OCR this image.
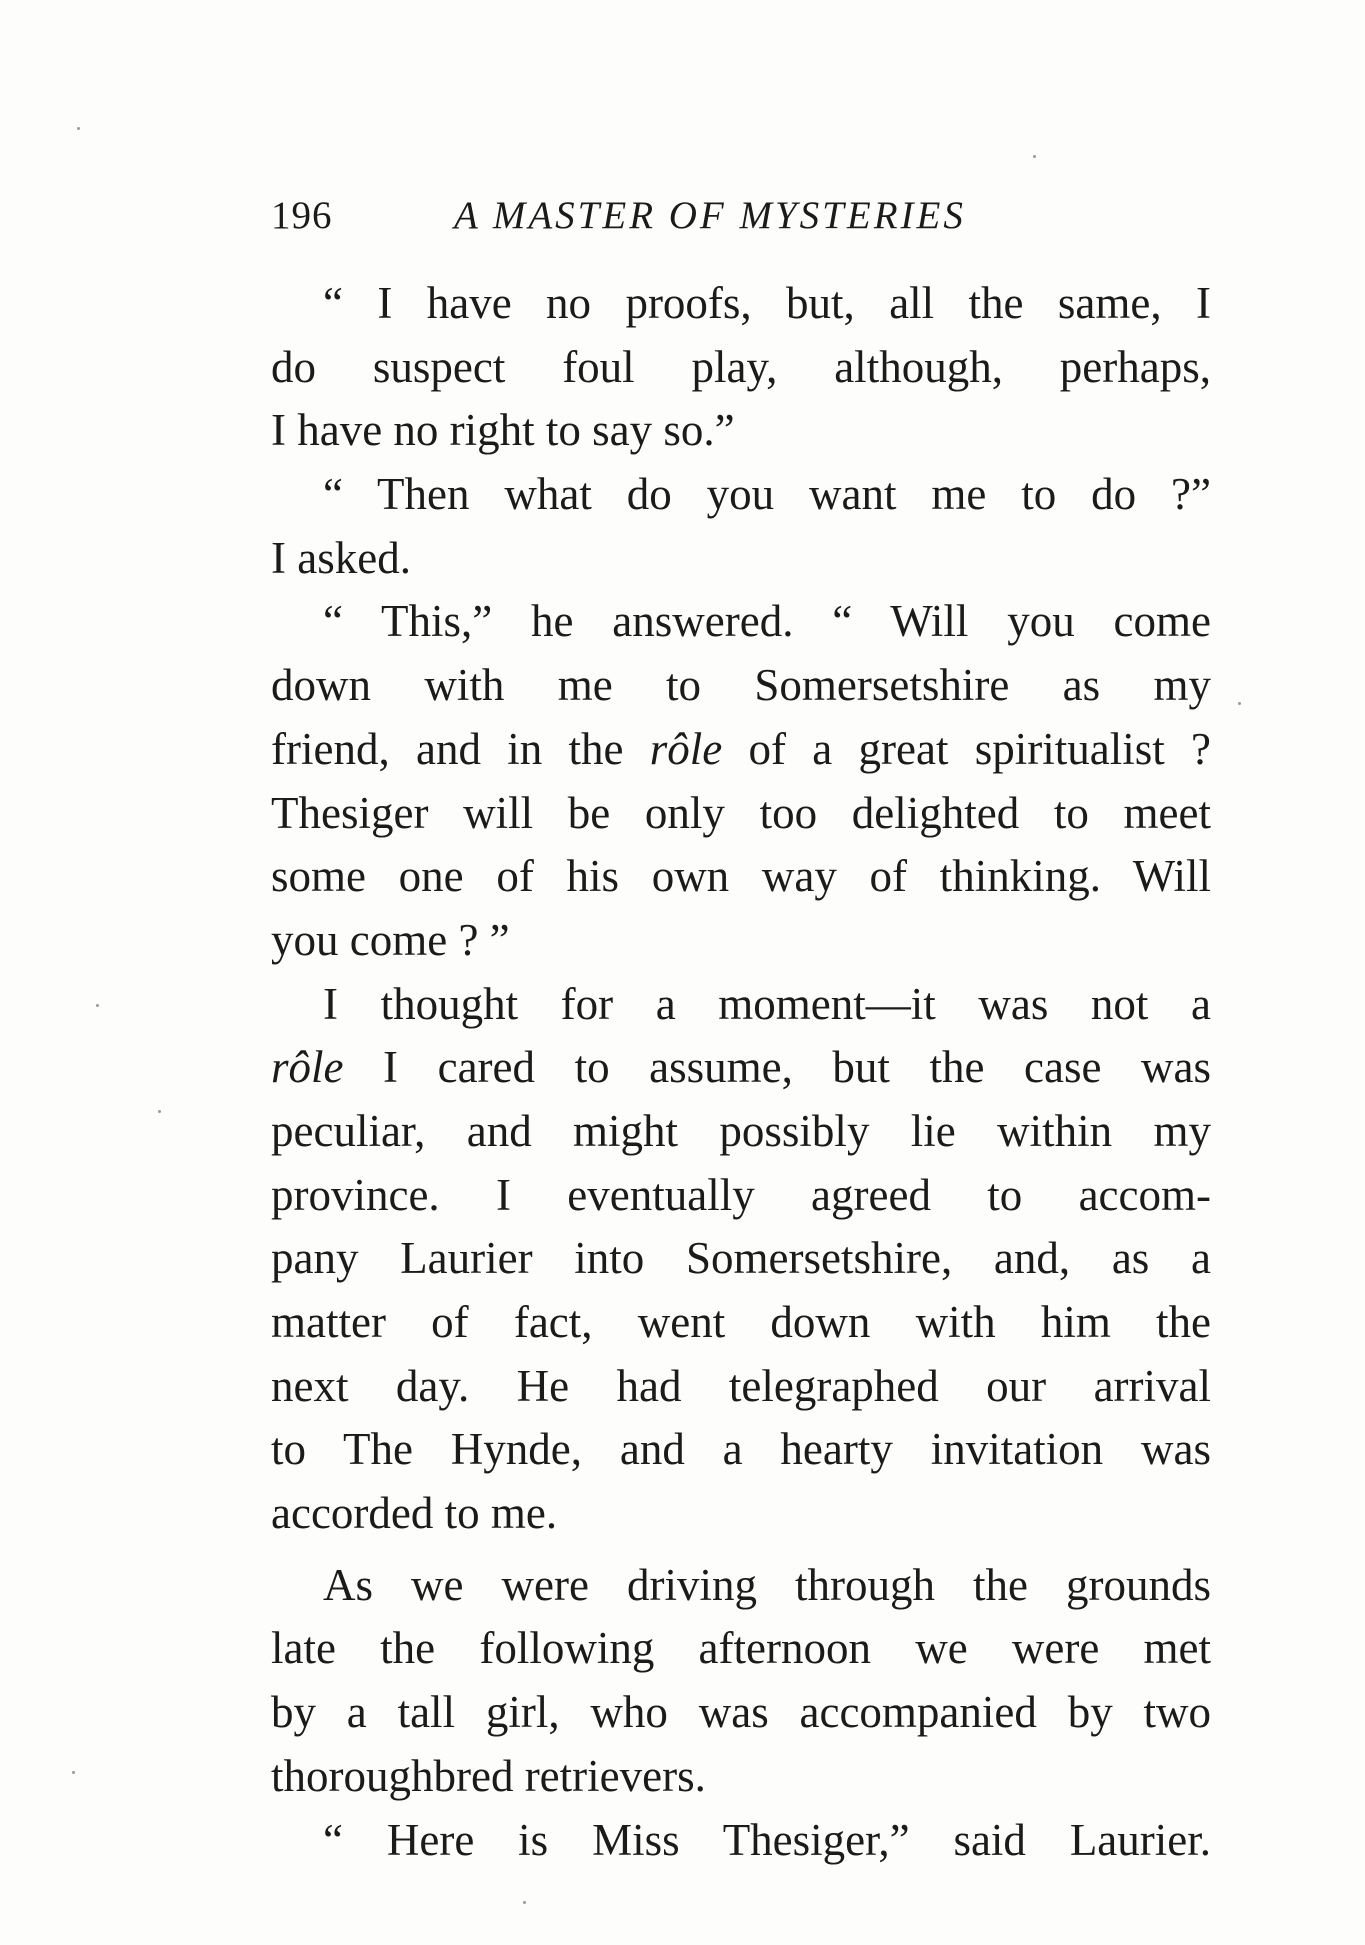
196	A MASTER OF MYSTERIES
“ I have no proofs, but, all the same, I
do suspect foul play, although, perhaps,
I have no right to say so.”
“ Then what do you want me to do ?”
I asked.
“ This,” he answered. “ Will you come
down with me to Somersetshire as my
friend, and in the rôle of a great spiritualist ?
Thesiger will be only too delighted to meet
some one of his own way of thinking. Will
you come ? ”
I thought for a moment—it was not a
rôle I cared to assume, but the case was
peculiar, and might possibly lie within my
province. I eventually agreed to accom-
pany Laurier into Somersetshire, and, as a
matter of fact, went down with him the
next day. He had telegraphed our arrival
to The Hynde, and a hearty invitation was
accorded to me.
As we were driving through the grounds
late the following afternoon we were met
by a tall girl, who was accompanied by two
thoroughbred retrievers.
“ Here is Miss Thesiger,” said Laurier.
